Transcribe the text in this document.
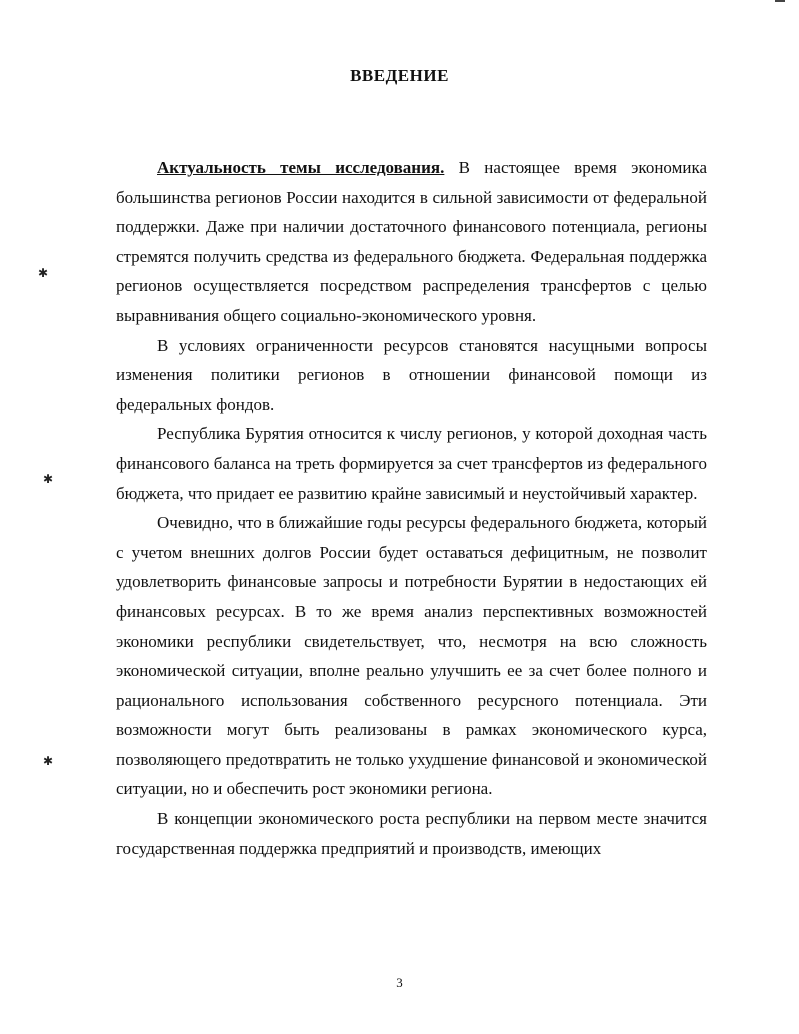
✱
✱
✱
ВВЕДЕНИЕ

Актуальность темы исследования. В настоящее время экономика большинства регионов России находится в сильной зависимости от федеральной поддержки. Даже при наличии достаточного финансового потенциала, регионы стремятся получить средства из федерального бюджета. Федеральная поддержка регионов осуществляется посредством распределения трансфертов с целью выравнивания общего социально-экономического уровня.

В условиях ограниченности ресурсов становятся насущными вопросы изменения политики регионов в отношении финансовой помощи из федеральных фондов.

Республика Бурятия относится к числу регионов, у которой доходная часть финансового баланса на треть формируется за счет трансфертов из федерального бюджета, что придает ее развитию крайне зависимый и неустойчивый характер.

Очевидно, что в ближайшие годы ресурсы федерального бюджета, который с учетом внешних долгов России будет оставаться дефицитным, не позволит удовлетворить финансовые запросы и потребности Бурятии в недостающих ей финансовых ресурсах. В то же время анализ перспективных возможностей экономики республики свидетельствует, что, несмотря на всю сложность экономической ситуации, вполне реально улучшить ее за счет более полного и рационального использования собственного ресурсного потенциала. Эти возможности могут быть реализованы в рамках экономического курса, позволяющего предотвратить не только ухудшение финансовой и экономической ситуации, но и обеспечить рост экономики региона.

В концепции экономического роста республики на первом месте значится государственная поддержка предприятий и производств, имеющих

3
